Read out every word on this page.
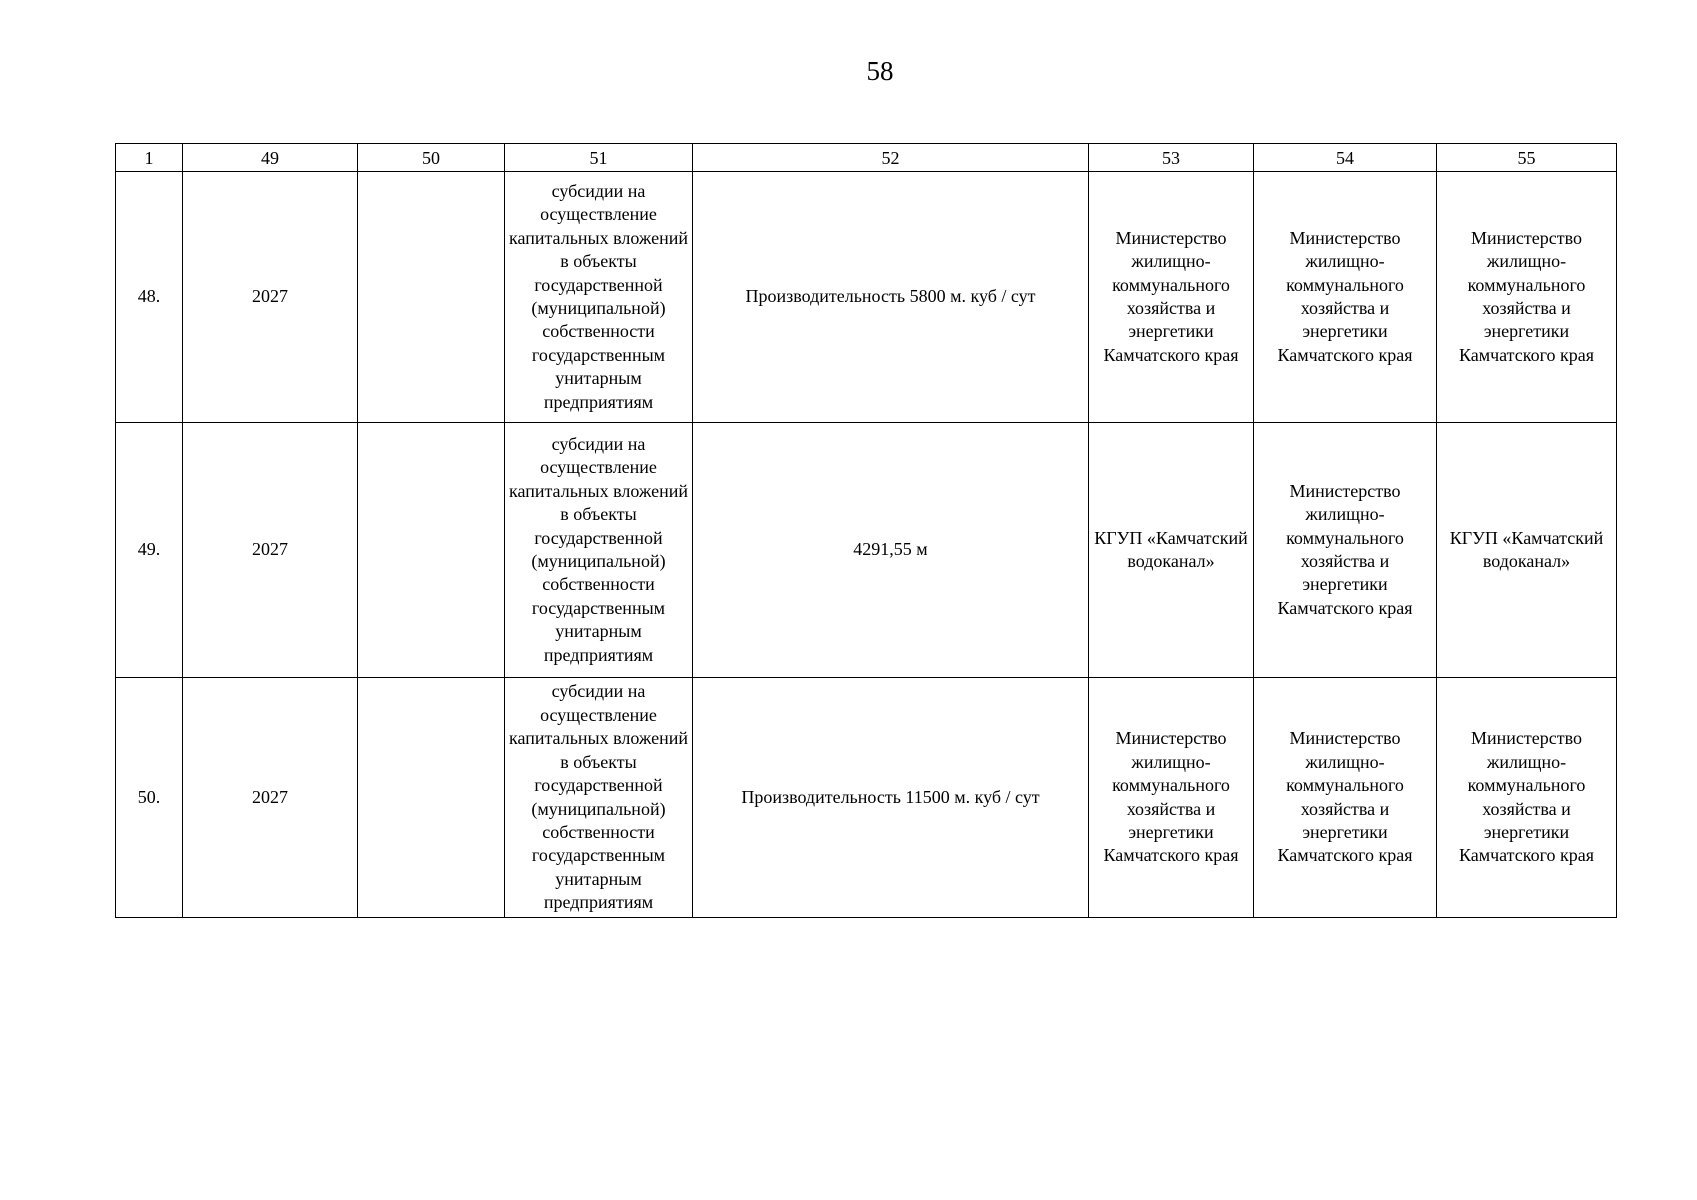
58
1	49	50	51	52	53	54	55
48.	2027		субсидии на осуществление капитальных вложений в объекты государственной (муниципальной) собственности государственным унитарным предприятиям	Производительность 5800 м. куб / сут	Министерство жилищно-коммунального хозяйства и энергетики Камчатского края	Министерство жилищно-коммунального хозяйства и энергетики Камчатского края	Министерство жилищно-коммунального хозяйства и энергетики Камчатского края
49.	2027		субсидии на осуществление капитальных вложений в объекты государственной (муниципальной) собственности государственным унитарным предприятиям	4291,55 м	КГУП «Камчатский водоканал»	Министерство жилищно-коммунального хозяйства и энергетики Камчатского края	КГУП «Камчатский водоканал»
50.	2027		субсидии на осуществление капитальных вложений в объекты государственной (муниципальной) собственности государственным унитарным предприятиям	Производительность 11500 м. куб / сут	Министерство жилищно-коммунального хозяйства и энергетики Камчатского края	Министерство жилищно-коммунального хозяйства и энергетики Камчатского края	Министерство жилищно-коммунального хозяйства и энергетики Камчатского края
